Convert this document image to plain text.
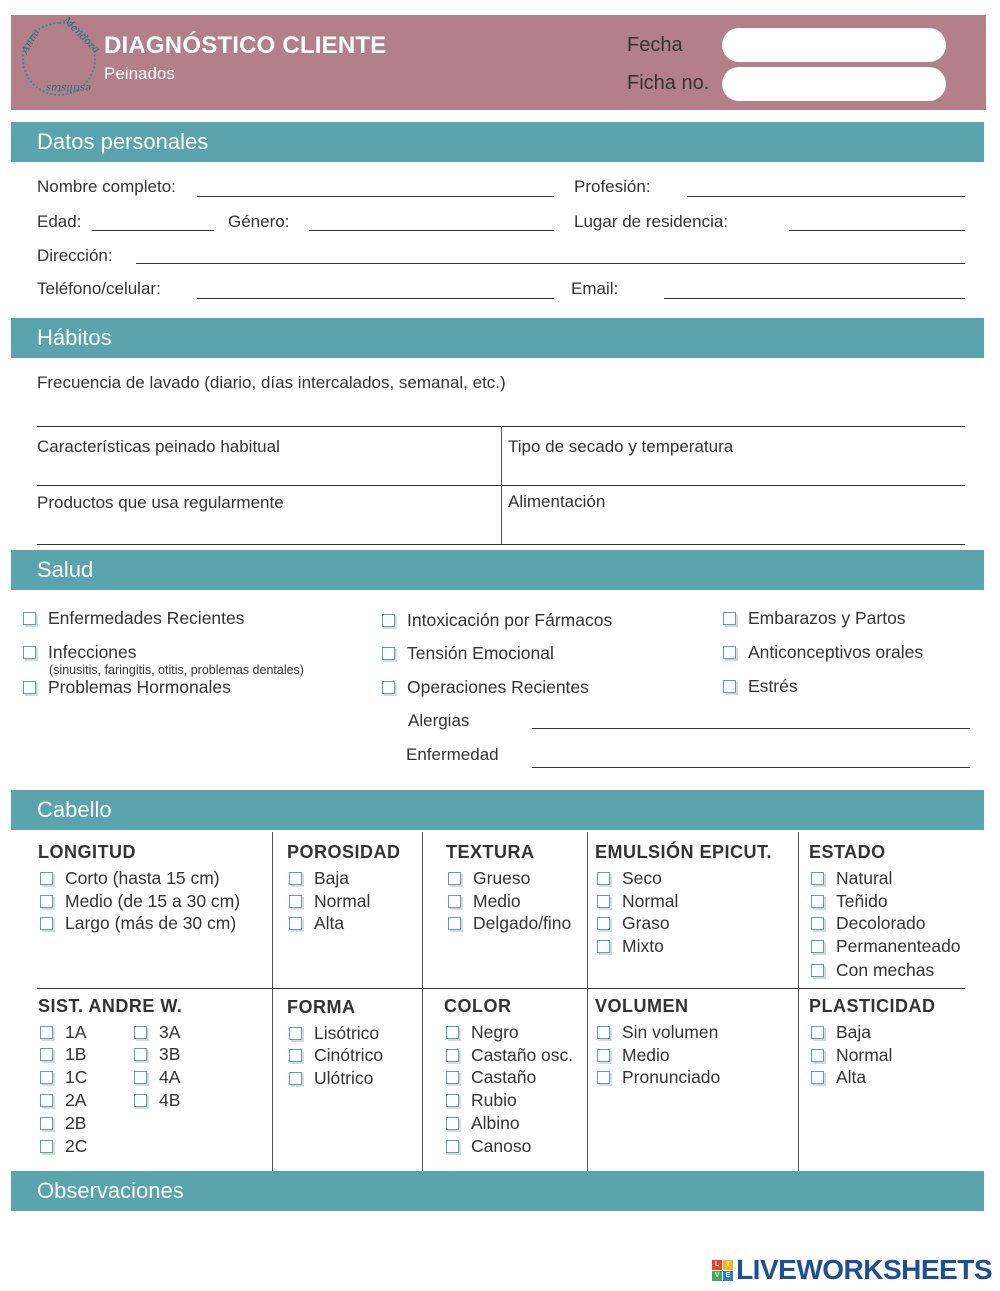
Anna Mendoza
estilistas
DIAGNÓSTICO CLIENTE
Peinados
Fecha
Ficha no.
Datos personales
Nombre completo:	Profesión:
Edad:	Género:	Lugar de residencia:
Dirección:
Teléfono/celular:	Email:
Hábitos
Frecuencia de lavado (diario, días intercalados, semanal, etc.)
Características peinado habitual	Tipo de secado y temperatura
Productos que usa regularmente	Alimentación
Salud
Enfermedades Recientes
Infecciones
(sinusitis, faringitis, otitis, problemas dentales)
Problemas Hormonales
Intoxicación por Fármacos
Tensión Emocional
Operaciones Recientes
Embarazos y Partos
Anticonceptivos orales
Estrés
Alergias
Enfermedad
Cabello
LONGITUD
Corto (hasta 15 cm)
Medio (de 15 a 30 cm)
Largo (más de 30 cm)
POROSIDAD
Baja
Normal
Alta
TEXTURA
Grueso
Medio
Delgado/fino
EMULSIÓN EPICUT.
Seco
Normal
Graso
Mixto
ESTADO
Natural
Teñido
Decolorado
Permanenteado
Con mechas
SIST. ANDRE W.
1A
1B
1C
2A
2B
2C
3A
3B
4A
4B
FORMA
Lisótrico
Cinótrico
Ulótrico
COLOR
Negro
Castaño osc.
Castaño
Rubio
Albino
Canoso
VOLUMEN
Sin volumen
Medio
Pronunciado
PLASTICIDAD
Baja
Normal
Alta
Observaciones
L	I
V E LIVEWORKSHEETS
